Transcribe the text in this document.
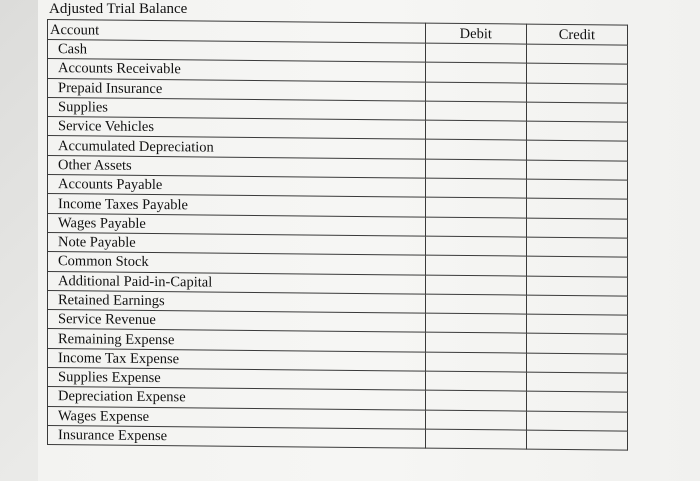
Adjusted Trial Balance
Account	Debit	Credit
Cash		
Accounts Receivable		
Prepaid Insurance		
Supplies		
Service Vehicles		
Accumulated Depreciation		
Other Assets		
Accounts Payable		
Income Taxes Payable		
Wages Payable		
Note Payable		
Common Stock		
Additional Paid-in-Capital		
Retained Earnings		
Service Revenue		
Remaining Expense		
Income Tax Expense		
Supplies Expense		
Depreciation Expense		
Wages Expense		
Insurance Expense		
